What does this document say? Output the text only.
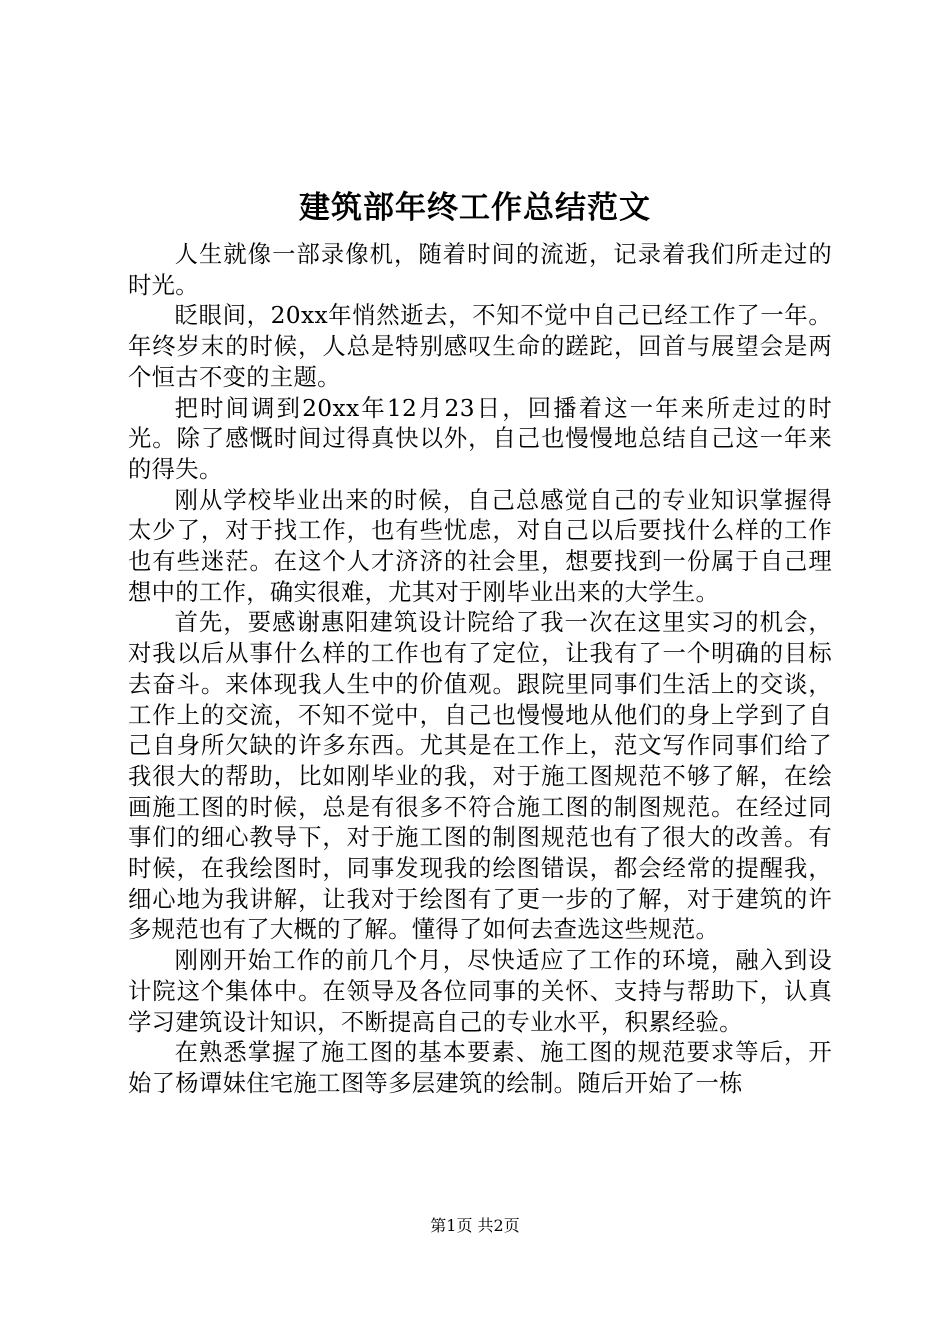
建筑部年终工作总结范文

人生就像一部录像机，随着时间的流逝，记录着我们所走过的时光。

眨眼间，20xx年悄然逝去，不知不觉中自己已经工作了一年。年终岁末的时候，人总是特别感叹生命的蹉跎，回首与展望会是两个恒古不变的主题。

把时间调到20xx年12月23日，回播着这一年来所走过的时光。除了感慨时间过得真快以外，自己也慢慢地总结自己这一年来的得失。

刚从学校毕业出来的时候，自己总感觉自己的专业知识掌握得太少了，对于找工作，也有些忧虑，对自己以后要找什么样的工作也有些迷茫。在这个人才济济的社会里，想要找到一份属于自己理想中的工作，确实很难，尤其对于刚毕业出来的大学生。

首先，要感谢惠阳建筑设计院给了我一次在这里实习的机会，对我以后从事什么样的工作也有了定位，让我有了一个明确的目标去奋斗。来体现我人生中的价值观。跟院里同事们生活上的交谈，工作上的交流，不知不觉中，自己也慢慢地从他们的身上学到了自己自身所欠缺的许多东西。尤其是在工作上，范文写作同事们给了我很大的帮助，比如刚毕业的我，对于施工图规范不够了解，在绘画施工图的时候，总是有很多不符合施工图的制图规范。在经过同事们的细心教导下，对于施工图的制图规范也有了很大的改善。有时候，在我绘图时，同事发现我的绘图错误，都会经常的提醒我，细心地为我讲解，让我对于绘图有了更一步的了解，对于建筑的许多规范也有了大概的了解。懂得了如何去查选这些规范。

刚刚开始工作的前几个月，尽快适应了工作的环境，融入到设计院这个集体中。在领导及各位同事的关怀、支持与帮助下，认真学习建筑设计知识，不断提高自己的专业水平，积累经验。

在熟悉掌握了施工图的基本要素、施工图的规范要求等后，开始了杨谭妹住宅施工图等多层建筑的绘制。随后开始了一栋

第1页 共2页
